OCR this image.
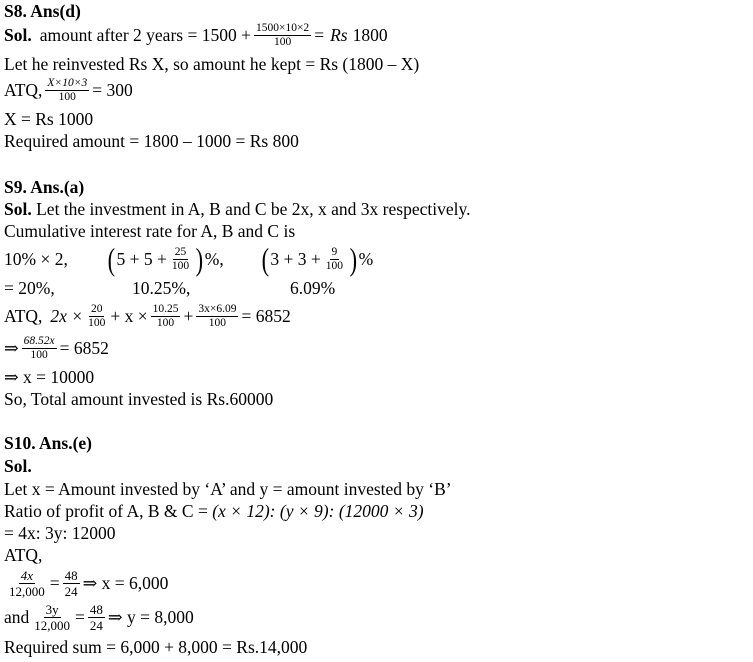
S8. Ans(d)
Sol. amount after 2 years = $1500 + \frac{1500\times 10\times 2}{100} = Rs$ 1800
Let he reinvested Rs X, so amount he kept = Rs (1800 – X)
ATQ, $\frac{X\times 10\times 3}{100} = 300$
X = Rs 1000
Required amount = 1800 – 1000 = Rs 800
S9. Ans.(a)
Sol. Let the investment in A, B and C be 2x, x and 3x respectively.
Cumulative interest rate for A, B and C is
10% × 2, ( $5 + 5 + \frac{25}{100}$ ) %, ( $3 + 3 + \frac{9}{100}$ ) %
= 20%,	10.25%,	6.09%
ATQ, $2x \times \frac{20}{100} + x \times \frac{10.25}{100} + \frac{3x\times 6.09}{100} = 6852$
⇒ $\frac{68.52x}{100} = 6852$
⇒ x = 10000
So, Total amount invested is Rs.60000
S10. Ans.(e)
Sol.
Let x = Amount invested by ‘A’ and y = amount invested by ‘B’
Ratio of profit of A, B & C = (x × 12): (y × 9): (12000 × 3)
= 4x: 3y: 12000
ATQ,
$\frac{4x}{12,000} = \frac{48}{24}$ ⇒ x = 6,000
and $\frac{3y}{12,000} = \frac{48}{24}$ ⇒ y = 8,000
Required sum = 6,000 + 8,000 = Rs.14,000
